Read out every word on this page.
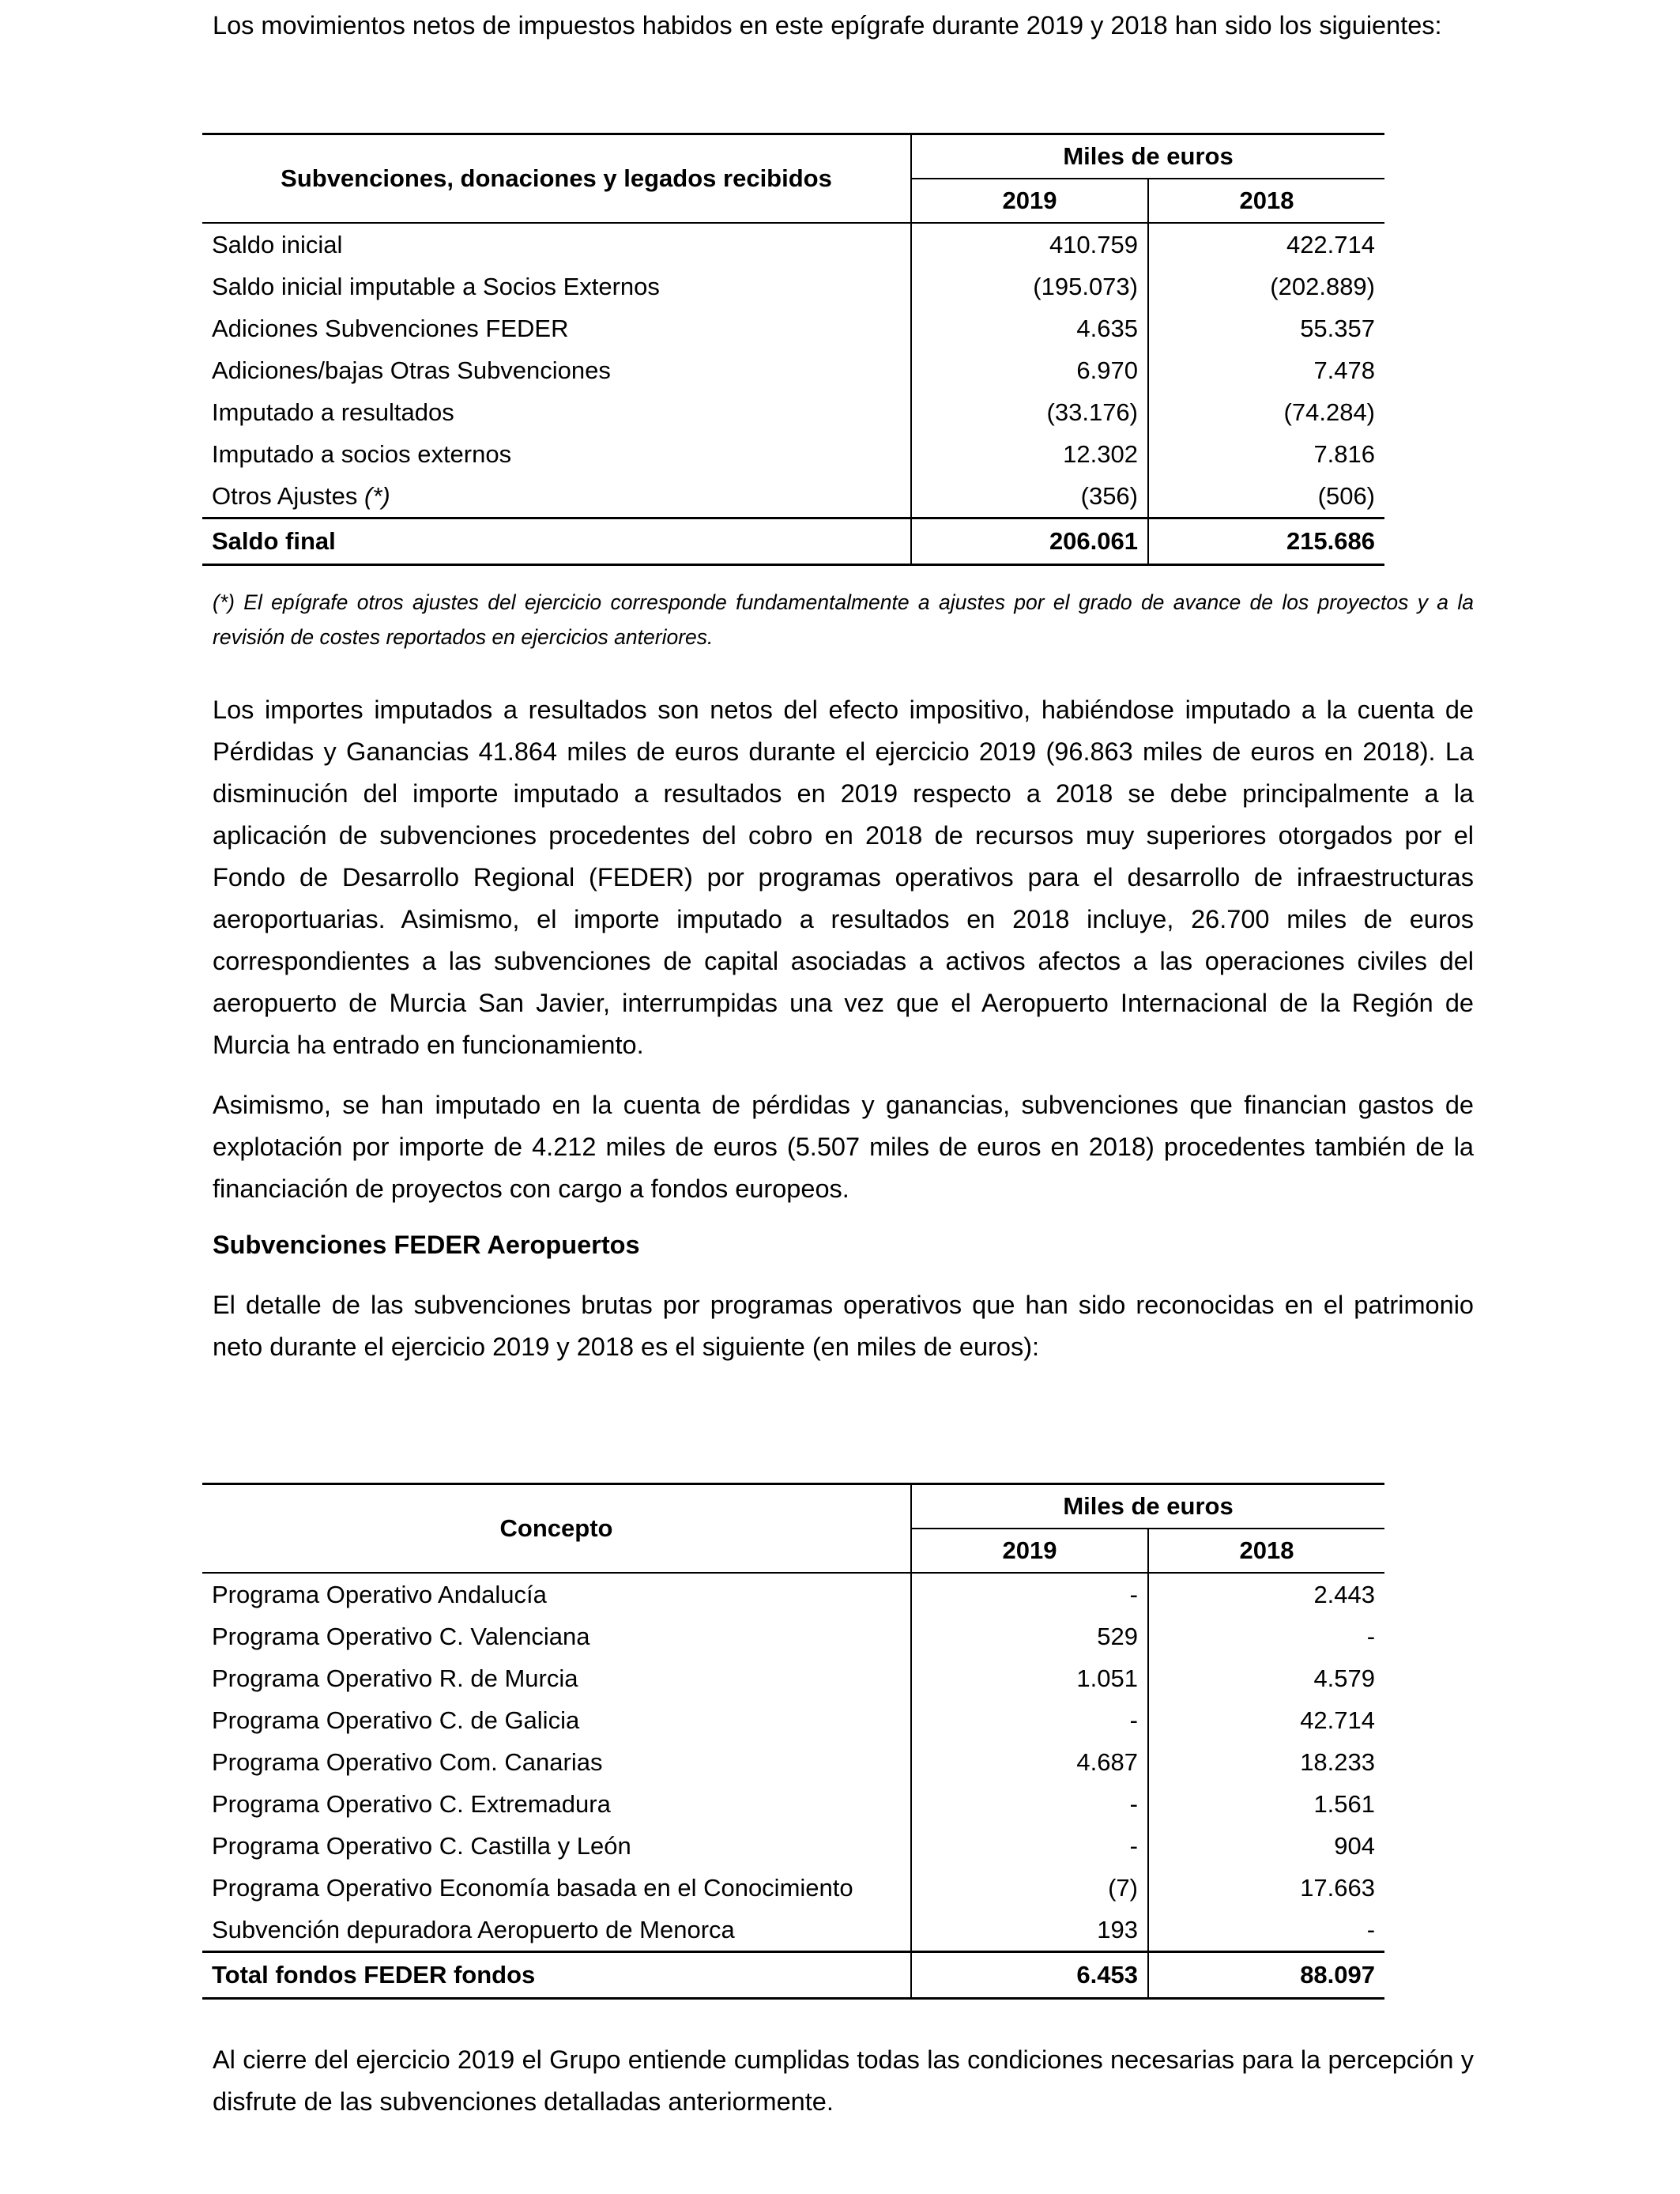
Los movimientos netos de impuestos habidos en este epígrafe durante 2019 y 2018 han sido los siguientes:

Subvenciones, donaciones y legados recibidos	Miles de euros	
	2019	2018
Saldo inicial	410.759	422.714
Saldo inicial imputable a Socios Externos	(195.073)	(202.889)
Adiciones Subvenciones FEDER	4.635	55.357
Adiciones/bajas Otras Subvenciones	6.970	7.478
Imputado a resultados	(33.176)	(74.284)
Imputado a socios externos	12.302	7.816
Otros Ajustes (*)	(356)	(506)
Saldo final	206.061	215.686

(*) El epígrafe otros ajustes del ejercicio corresponde fundamentalmente a ajustes por el grado de avance de los proyectos y a la revisión de costes reportados en ejercicios anteriores.

Los importes imputados a resultados son netos del efecto impositivo, habiéndose imputado a la cuenta de Pérdidas y Ganancias 41.864 miles de euros durante el ejercicio 2019 (96.863 miles de euros en 2018). La disminución del importe imputado a resultados en 2019 respecto a 2018 se debe principalmente a la aplicación de subvenciones procedentes del cobro en 2018 de recursos muy superiores otorgados por el Fondo de Desarrollo Regional (FEDER) por programas operativos para el desarrollo de infraestructuras aeroportuarias. Asimismo, el importe imputado a resultados en 2018 incluye, 26.700 miles de euros correspondientes a las subvenciones de capital asociadas a activos afectos a las operaciones civiles del aeropuerto de Murcia San Javier, interrumpidas una vez que el Aeropuerto Internacional de la Región de Murcia ha entrado en funcionamiento.

Asimismo, se han imputado en la cuenta de pérdidas y ganancias, subvenciones que financian gastos de explotación por importe de 4.212 miles de euros (5.507 miles de euros en 2018) procedentes también de la financiación de proyectos con cargo a fondos europeos.

Subvenciones FEDER Aeropuertos

El detalle de las subvenciones brutas por programas operativos que han sido reconocidas en el patrimonio neto durante el ejercicio 2019 y 2018 es el siguiente (en miles de euros):

Concepto	Miles de euros	
	2019	2018
Programa Operativo Andalucía	-	2.443
Programa Operativo C. Valenciana	529	-
Programa Operativo R. de Murcia	1.051	4.579
Programa Operativo C. de Galicia	-	42.714
Programa Operativo Com. Canarias	4.687	18.233
Programa Operativo C. Extremadura	-	1.561
Programa Operativo C. Castilla y León	-	904
Programa Operativo Economía basada en el Conocimiento	(7)	17.663
Subvención depuradora Aeropuerto de Menorca	193	-
Total fondos FEDER fondos	6.453	88.097

Al cierre del ejercicio 2019 el Grupo entiende cumplidas todas las condiciones necesarias para la percepción y disfrute de las subvenciones detalladas anteriormente.
